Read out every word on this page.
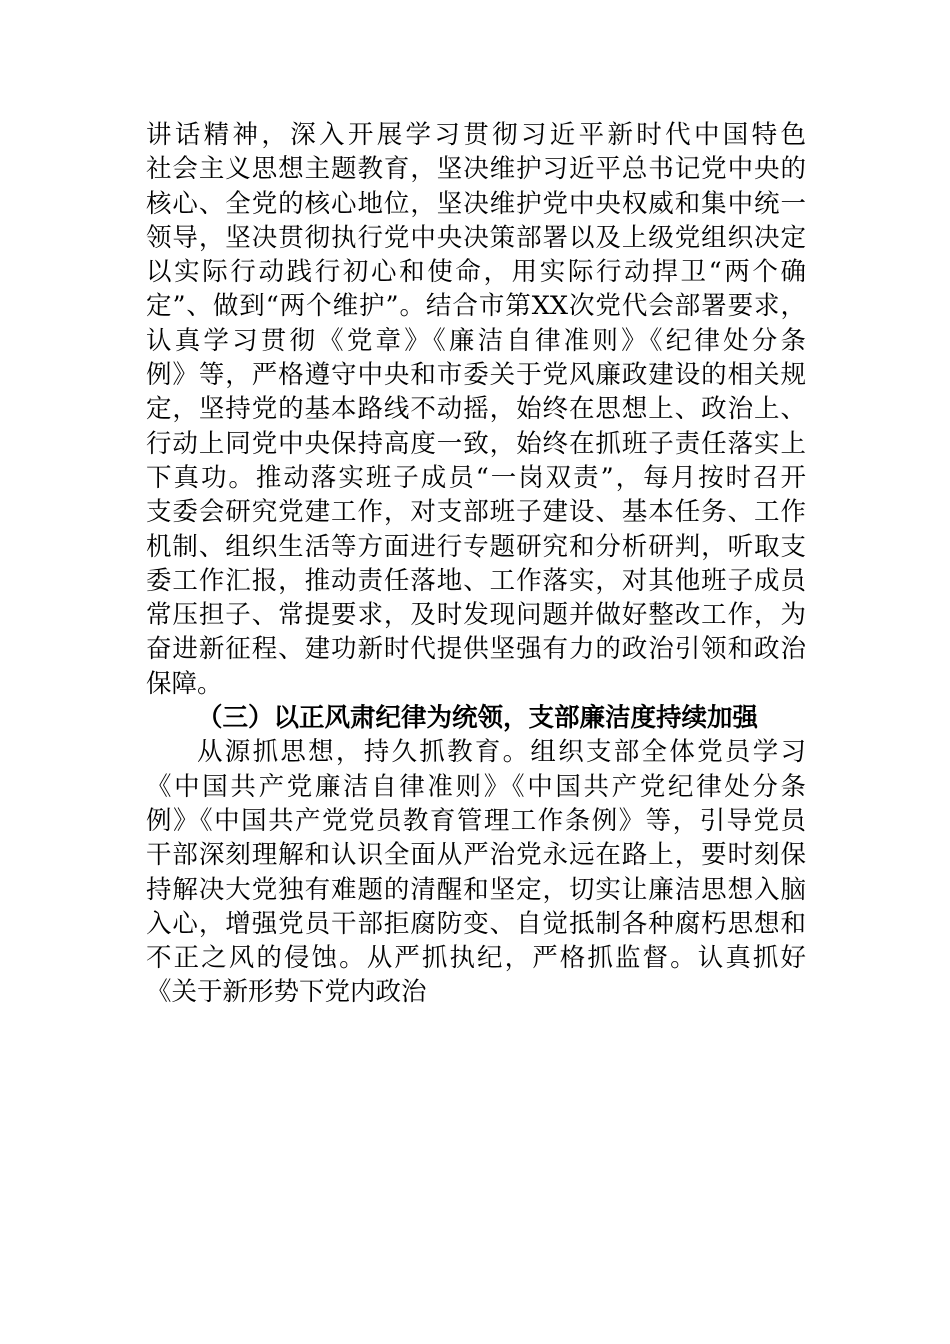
讲话精神，深入开展学习贯彻习近平新时代中国特色
社会主义思想主题教育，坚决维护习近平总书记党中央的
核心、全党的核心地位，坚决维护党中央权威和集中统一
领导，坚决贯彻执行党中央决策部署以及上级党组织决定
以实际行动践行初心和使命，用实际行动捍卫“两个确
定”、做到“两个维护”。结合市第XX次党代会部署要求，
认真学习贯彻《党章》《廉洁自律准则》《纪律处分条
例》等，严格遵守中央和市委关于党风廉政建设的相关规
定，坚持党的基本路线不动摇，始终在思想上、政治上、
行动上同党中央保持高度一致，始终在抓班子责任落实上
下真功。推动落实班子成员“一岗双责”，每月按时召开
支委会研究党建工作，对支部班子建设、基本任务、工作
机制、组织生活等方面进行专题研究和分析研判，听取支
委工作汇报，推动责任落地、工作落实，对其他班子成员
常压担子、常提要求，及时发现问题并做好整改工作，为
奋进新征程、建功新时代提供坚强有力的政治引领和政治
保障。
（三）以正风肃纪律为统领，支部廉洁度持续加强
从源抓思想，持久抓教育。组织支部全体党员学习
《中国共产党廉洁自律准则》《中国共产党纪律处分条
例》《中国共产党党员教育管理工作条例》等，引导党员
干部深刻理解和认识全面从严治党永远在路上，要时刻保
持解决大党独有难题的清醒和坚定，切实让廉洁思想入脑
入心，增强党员干部拒腐防变、自觉抵制各种腐朽思想和
不正之风的侵蚀。从严抓执纪，严格抓监督。认真抓好
《关于新形势下党内政治
